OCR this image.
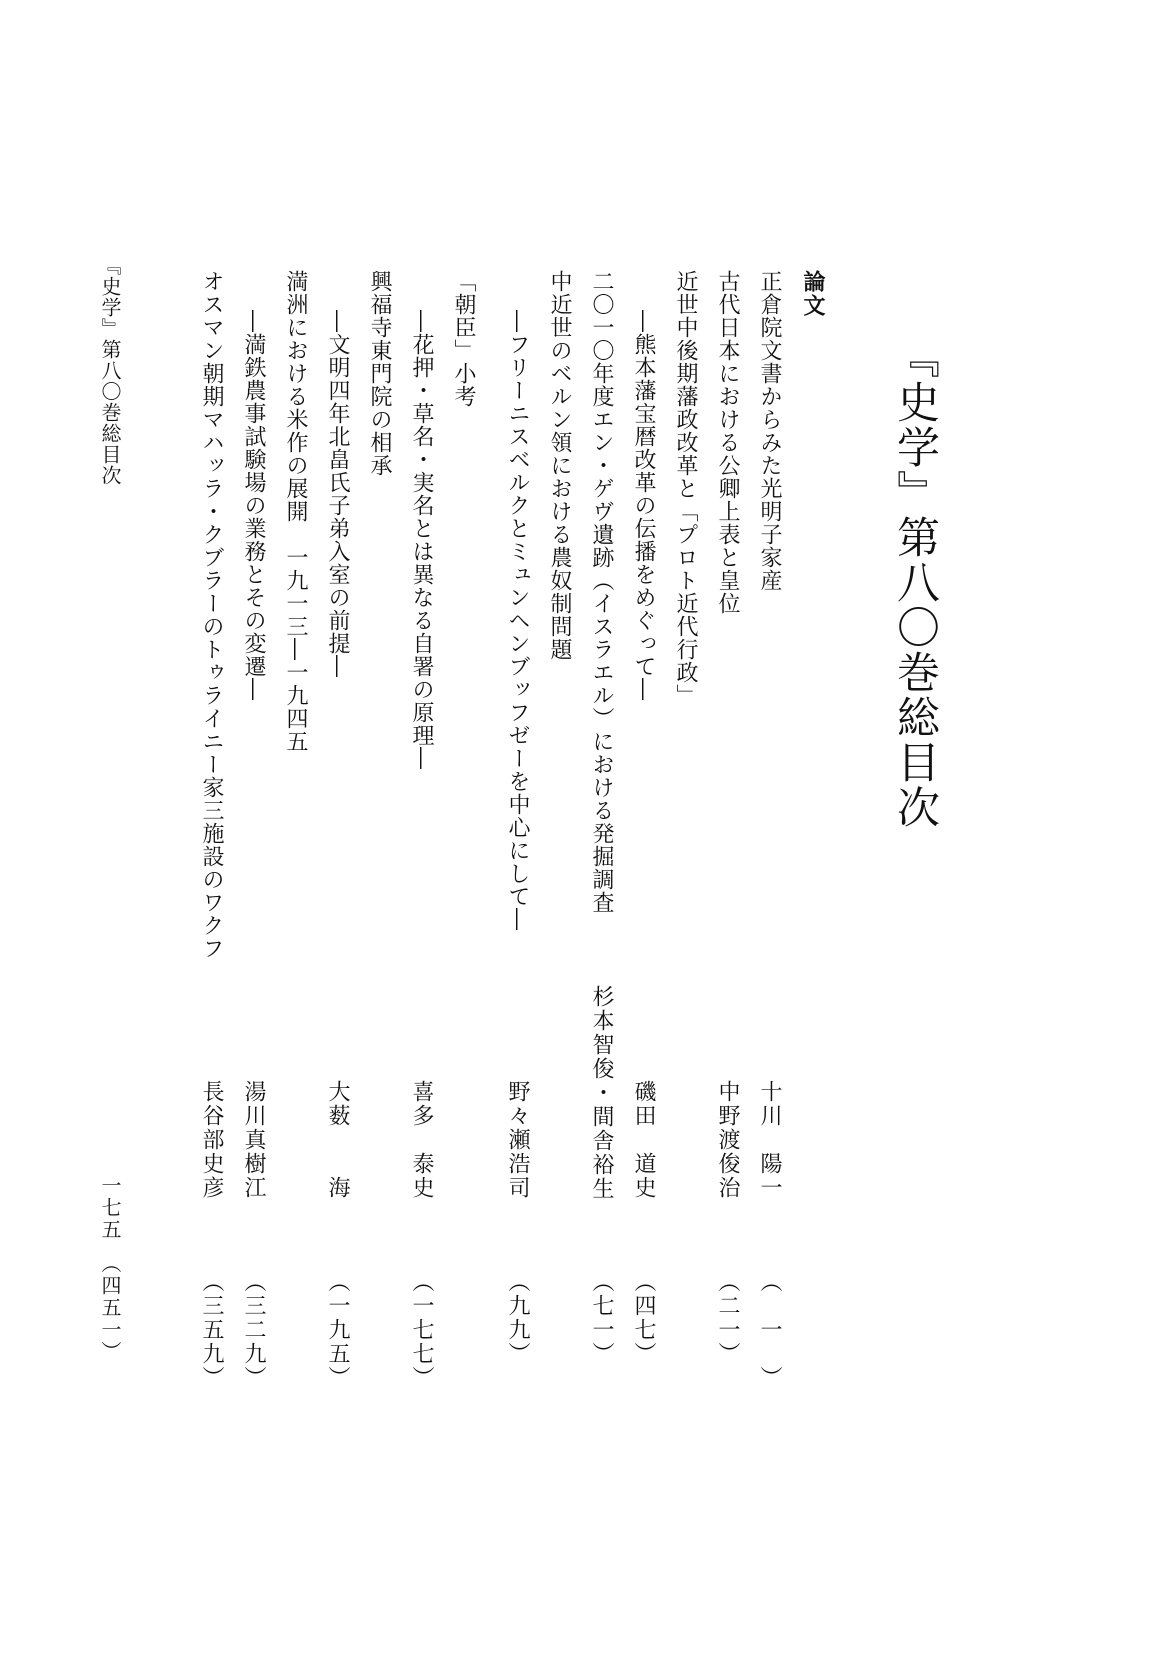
『史学』第八〇巻総目次
論文
正倉院文書からみた光明子家産
十川　陽一
（　一　）
古代日本における公卿上表と皇位
中野渡俊治
（二一）
近世中後期藩政改革と「プロト近代行政」
―熊本藩宝暦改革の伝播をめぐって―
磯田　道史
（四七）
二〇一〇年度エン・ゲヴ遺跡（イスラエル）における発掘調査
杉本智俊・間舎裕生
（七一）
中近世のベルン領における農奴制問題
―フリーニスベルクとミュンヘンブッフゼーを中心にして―
野々瀬浩司
（九九）
「朝臣」小考
―花押・草名・実名とは異なる自署の原理―
喜多　泰史
（一七七）
興福寺東門院の相承
―文明四年北畠氏子弟入室の前提―
大薮　　海
（一九五）
満洲における米作の展開　一九一三―一九四五
―満鉄農事試験場の業務とその変遷―
湯川真樹江
（三二九）
オスマン朝期マハッラ・クブラーのトゥライニー家三施設のワクフ
長谷部史彦
（三五九）
『史学』第八〇巻総目次
一七五　（四五一）
